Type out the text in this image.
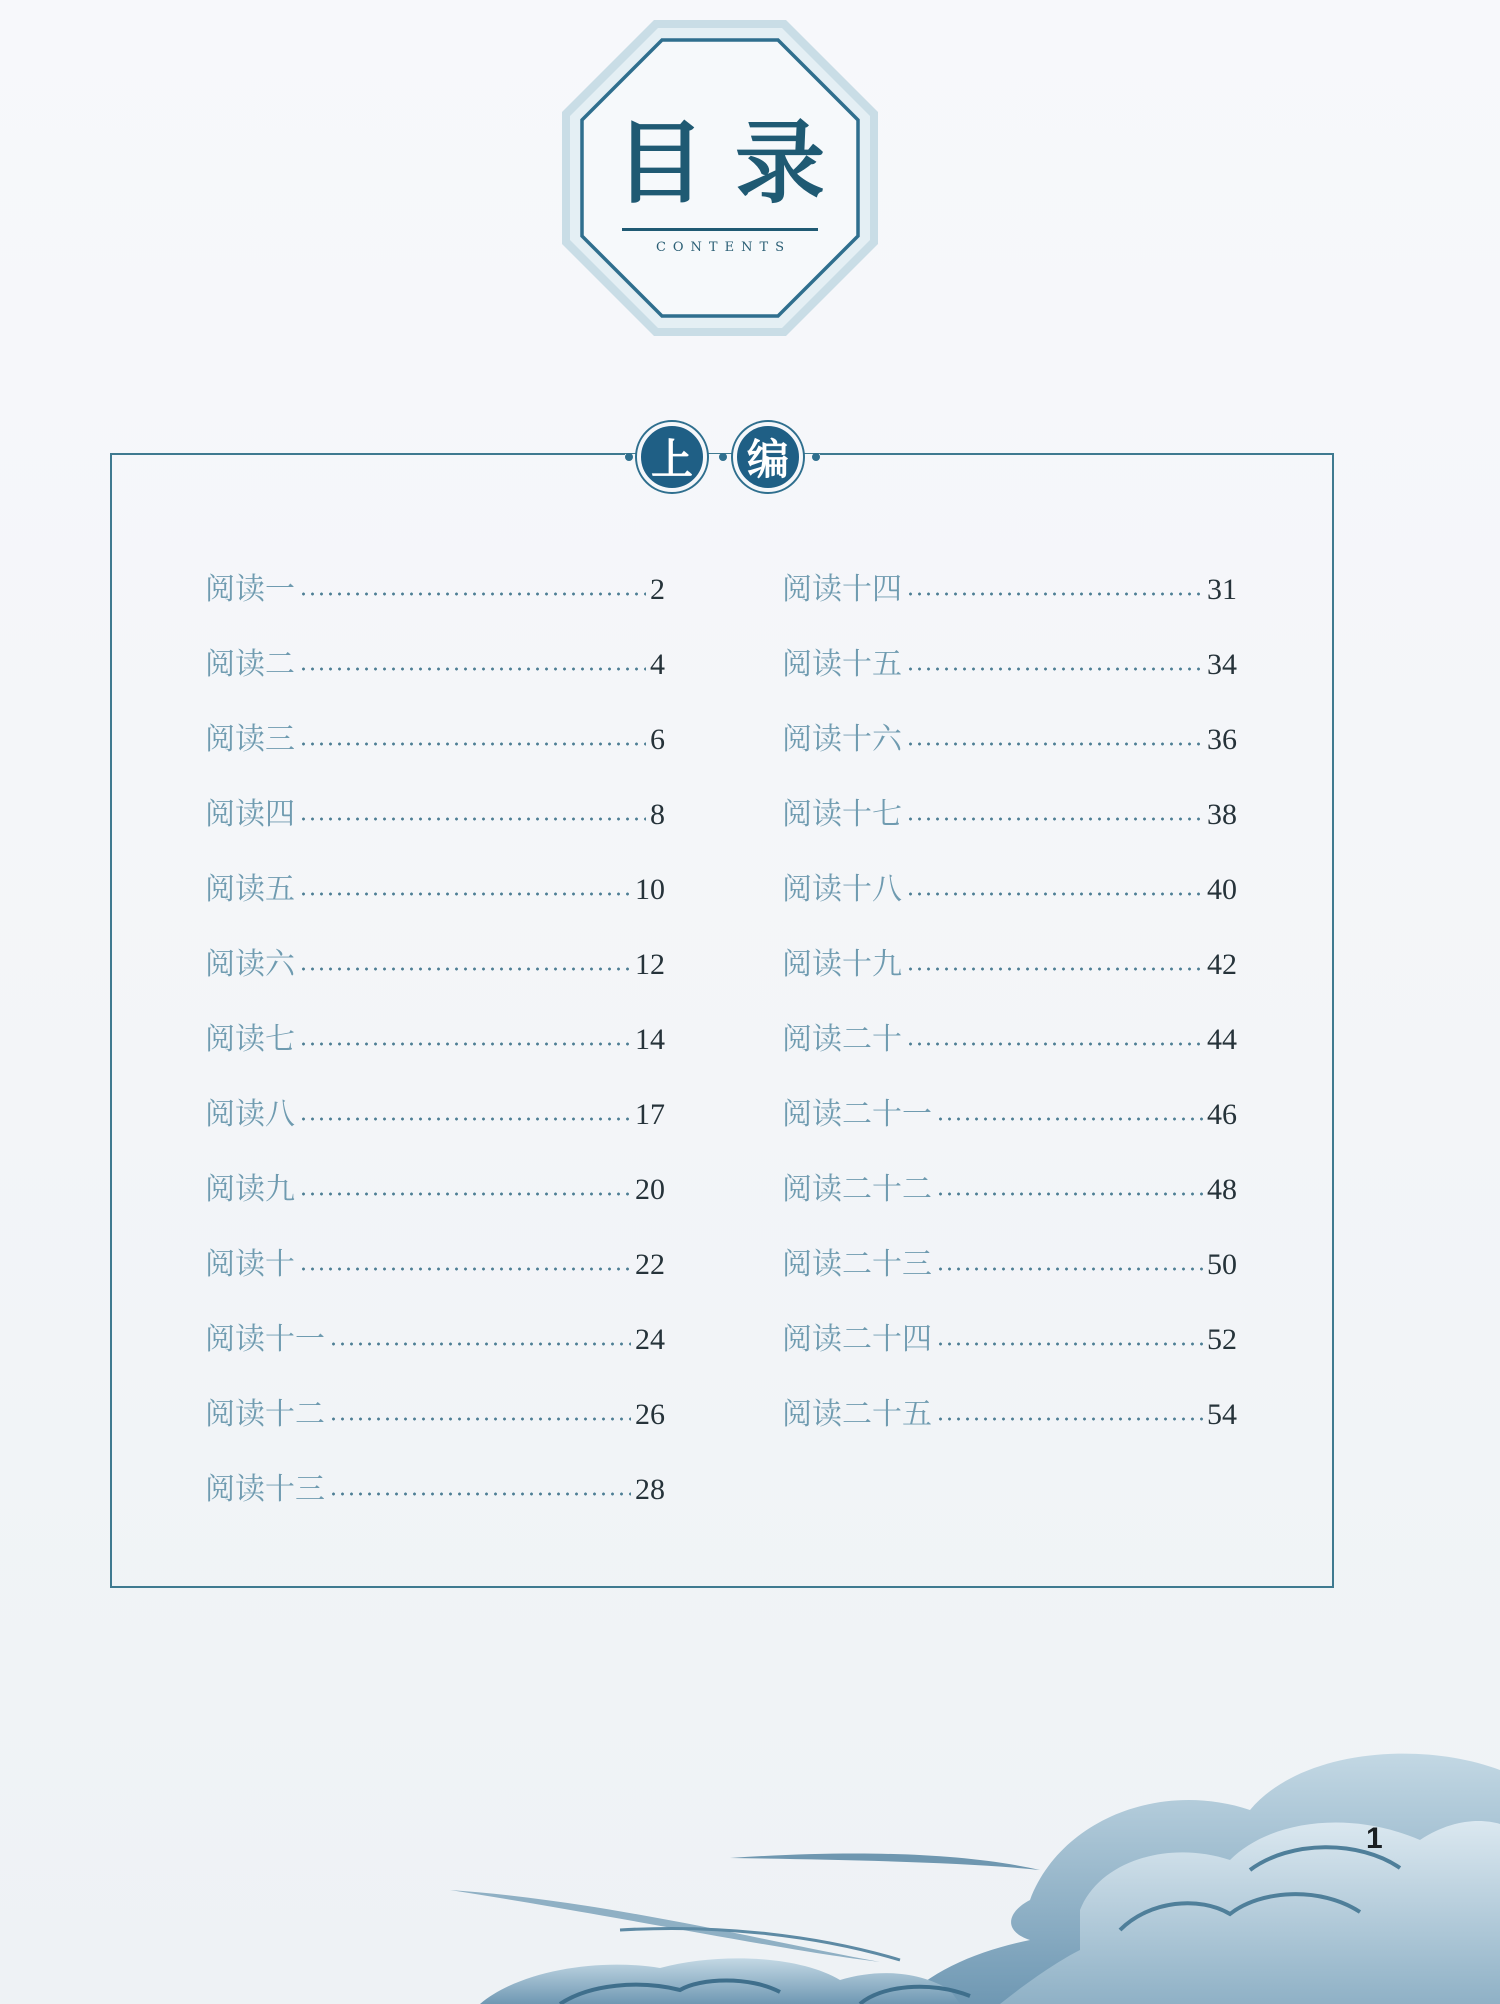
目录
CONTENTS
上	编
阅读一	2
阅读二	4
阅读三	6
阅读四	8
阅读五	10
阅读六	12
阅读七	14
阅读八	17
阅读九	20
阅读十	22
阅读十一	24
阅读十二	26
阅读十三	28
阅读十四	31
阅读十五	34
阅读十六	36
阅读十七	38
阅读十八	40
阅读十九	42
阅读二十	44
阅读二十一	46
阅读二十二	48
阅读二十三	50
阅读二十四	52
阅读二十五	54
1
